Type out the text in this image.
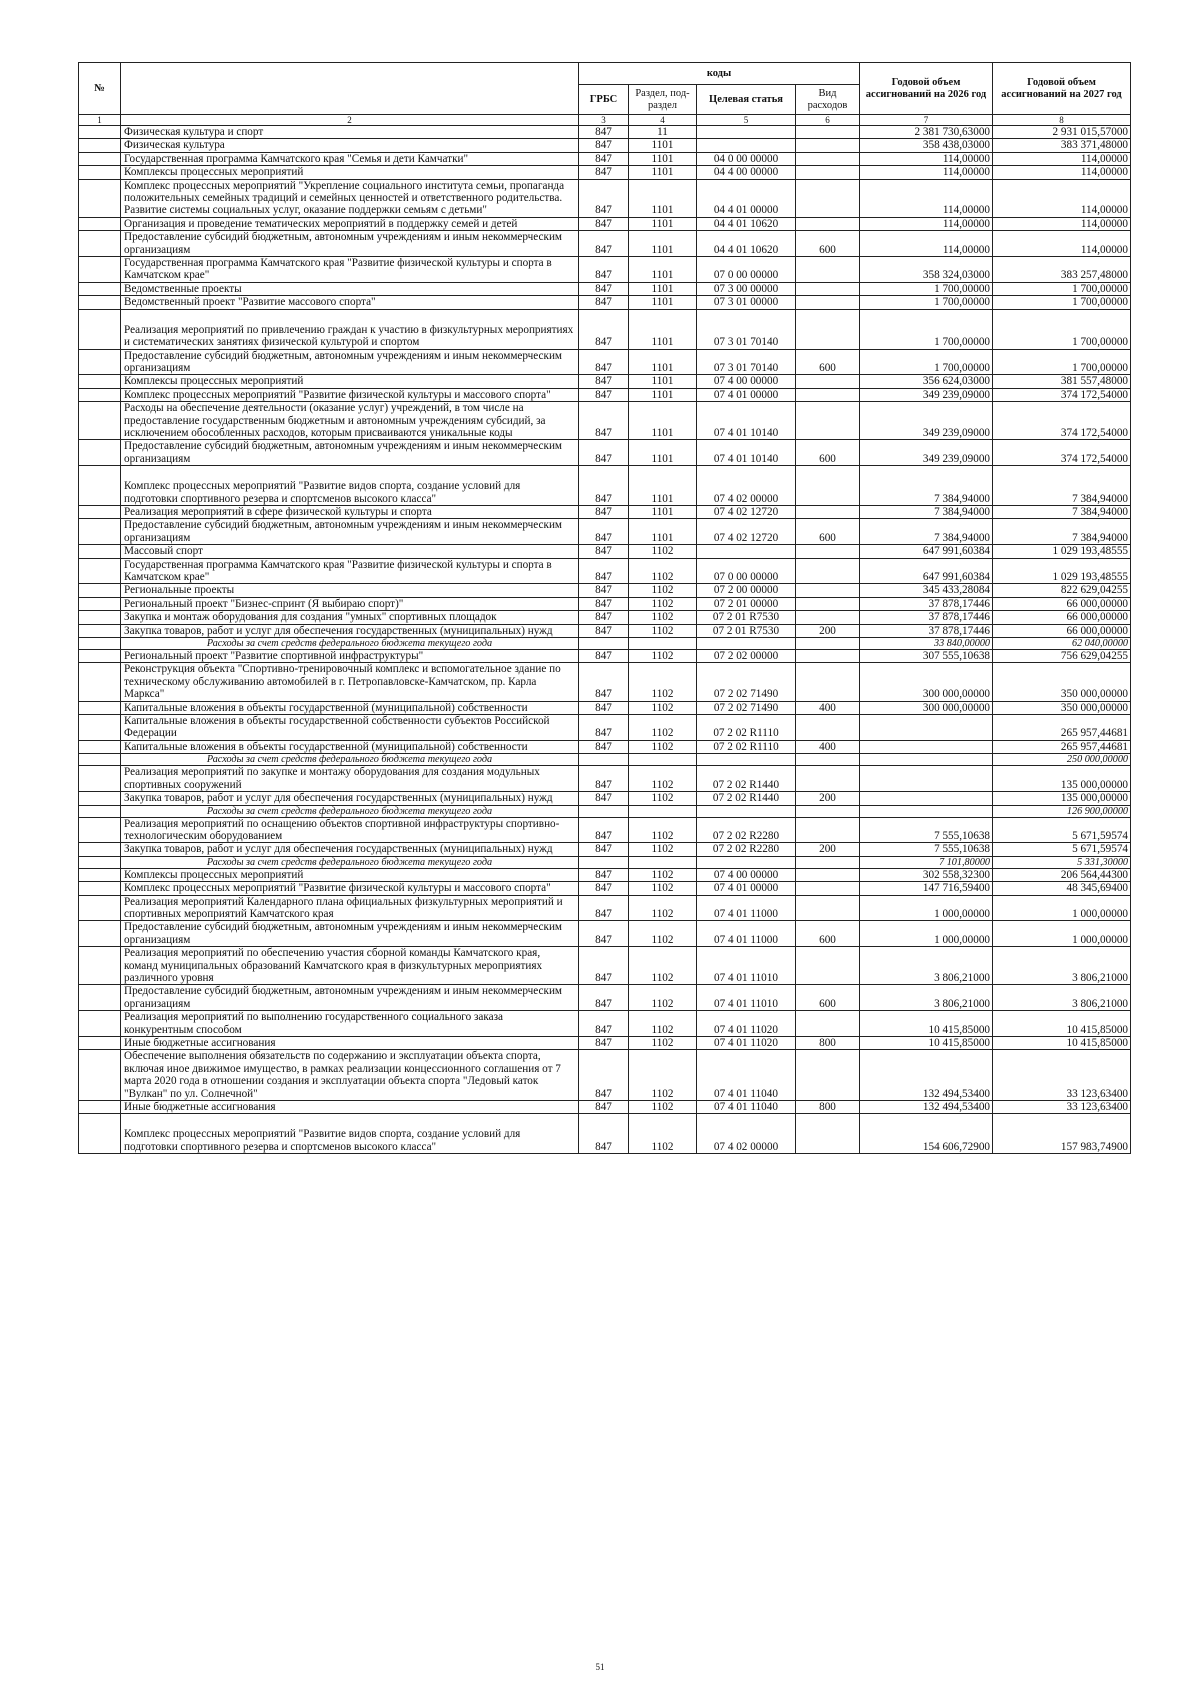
№		коды				Годовой объем ассигнований на 2026 год	Годовой объем ассигнований на 2027 год
		ГРБС	Раздел, под-раздел	Целевая статья	Вид расходов		
1	2	3	4	5	6	7	8
	Физическая культура и спорт	847	11			2 381 730,63000	2 931 015,57000
	Физическая культура	847	1101			358 438,03000	383 371,48000
	Государственная программа Камчатского края "Семья и дети Камчатки"	847	1101	04 0 00 00000		114,00000	114,00000
	Комплексы процессных мероприятий	847	1101	04 4 00 00000		114,00000	114,00000
	Комплекс процессных мероприятий "Укрепление социального института семьи, пропаганда положительных семейных традиций и семейных ценностей и ответственного родительства. Развитие системы социальных услуг, оказание поддержки семьям с детьми"	847	1101	04 4 01 00000		114,00000	114,00000
	Организация и проведение тематических мероприятий в поддержку семей и детей	847	1101	04 4 01 10620		114,00000	114,00000
	Предоставление субсидий бюджетным, автономным учреждениям и иным некоммерческим организациям	847	1101	04 4 01 10620	600	114,00000	114,00000
	Государственная программа Камчатского края "Развитие физической культуры и спорта в Камчатском крае"	847	1101	07 0 00 00000		358 324,03000	383 257,48000
	Ведомственные проекты	847	1101	07 3 00 00000		1 700,00000	1 700,00000
	Ведомственный проект "Развитие массового спорта"	847	1101	07 3 01 00000		1 700,00000	1 700,00000
	Реализация мероприятий по привлечению граждан к участию в физкультурных мероприятиях и систематических занятиях физической культурой и спортом	847	1101	07 3 01 70140		1 700,00000	1 700,00000
	Предоставление субсидий бюджетным, автономным учреждениям и иным некоммерческим организациям	847	1101	07 3 01 70140	600	1 700,00000	1 700,00000
	Комплексы процессных мероприятий	847	1101	07 4 00 00000		356 624,03000	381 557,48000
	Комплекс процессных мероприятий "Развитие физической культуры и массового спорта"	847	1101	07 4 01 00000		349 239,09000	374 172,54000
	Расходы на обеспечение деятельности (оказание услуг) учреждений, в том числе на предоставление государственным бюджетным и автономным учреждениям субсидий, за исключением обособленных расходов, которым присваиваются уникальные коды	847	1101	07 4 01 10140		349 239,09000	374 172,54000
	Предоставление субсидий бюджетным, автономным учреждениям и иным некоммерческим организациям	847	1101	07 4 01 10140	600	349 239,09000	374 172,54000
	Комплекс процессных мероприятий "Развитие видов спорта, создание условий для подготовки спортивного резерва и спортсменов высокого класса"	847	1101	07 4 02 00000		7 384,94000	7 384,94000
	Реализация мероприятий в сфере физической культуры и спорта	847	1101	07 4 02 12720		7 384,94000	7 384,94000
	Предоставление субсидий бюджетным, автономным учреждениям и иным некоммерческим организациям	847	1101	07 4 02 12720	600	7 384,94000	7 384,94000
	Массовый спорт	847	1102			647 991,60384	1 029 193,48555
	Государственная программа Камчатского края "Развитие физической культуры и спорта в Камчатском крае"	847	1102	07 0 00 00000		647 991,60384	1 029 193,48555
	Региональные проекты	847	1102	07 2 00 00000		345 433,28084	822 629,04255
	Региональный проект "Бизнес-спринт (Я выбираю спорт)"	847	1102	07 2 01 00000		37 878,17446	66 000,00000
	Закупка и монтаж оборудования для создания "умных" спортивных площадок	847	1102	07 2 01 R7530		37 878,17446	66 000,00000
	Закупка товаров, работ и услуг для обеспечения государственных (муниципальных) нужд	847	1102	07 2 01 R7530	200	37 878,17446	66 000,00000
	Расходы за счет средств федерального бюджета текущего года					33 840,00000	62 040,00000
	Региональный проект "Развитие спортивной инфраструктуры"	847	1102	07 2 02 00000		307 555,10638	756 629,04255
	Реконструкция объекта "Спортивно-тренировочный комплекс и вспомогательное здание по техническому обслуживанию автомобилей в г. Петропавловске-Камчатском, пр. Карла Маркса"	847	1102	07 2 02 71490		300 000,00000	350 000,00000
	Капитальные вложения в объекты государственной (муниципальной) собственности	847	1102	07 2 02 71490	400	300 000,00000	350 000,00000
	Капитальные вложения в объекты государственной собственности субъектов Российской Федерации	847	1102	07 2 02 R1110			265 957,44681
	Капитальные вложения в объекты государственной (муниципальной) собственности	847	1102	07 2 02 R1110	400		265 957,44681
	Расходы за счет средств федерального бюджета текущего года						250 000,00000
	Реализация мероприятий по закупке и монтажу оборудования для создания модульных спортивных сооружений	847	1102	07 2 02 R1440			135 000,00000
	Закупка товаров, работ и услуг для обеспечения государственных (муниципальных) нужд	847	1102	07 2 02 R1440	200		135 000,00000
	Расходы за счет средств федерального бюджета текущего года						126 900,00000
	Реализация мероприятий по оснащению объектов спортивной инфраструктуры спортивно-технологическим оборудованием	847	1102	07 2 02 R2280		7 555,10638	5 671,59574
	Закупка товаров, работ и услуг для обеспечения государственных (муниципальных) нужд	847	1102	07 2 02 R2280	200	7 555,10638	5 671,59574
	Расходы за счет средств федерального бюджета текущего года					7 101,80000	5 331,30000
	Комплексы процессных мероприятий	847	1102	07 4 00 00000		302 558,32300	206 564,44300
	Комплекс процессных мероприятий "Развитие физической культуры и массового спорта"	847	1102	07 4 01 00000		147 716,59400	48 345,69400
	Реализация мероприятий Календарного плана официальных физкультурных мероприятий и спортивных мероприятий Камчатского края	847	1102	07 4 01 11000		1 000,00000	1 000,00000
	Предоставление субсидий бюджетным, автономным учреждениям и иным некоммерческим организациям	847	1102	07 4 01 11000	600	1 000,00000	1 000,00000
	Реализация мероприятий по обеспечению участия сборной команды Камчатского края, команд муниципальных образований Камчатского края в физкультурных мероприятиях различного уровня	847	1102	07 4 01 11010		3 806,21000	3 806,21000
	Предоставление субсидий бюджетным, автономным учреждениям и иным некоммерческим организациям	847	1102	07 4 01 11010	600	3 806,21000	3 806,21000
	Реализация мероприятий по выполнению государственного социального заказа конкурентным способом	847	1102	07 4 01 11020		10 415,85000	10 415,85000
	Иные бюджетные ассигнования	847	1102	07 4 01 11020	800	10 415,85000	10 415,85000
	Обеспечение выполнения обязательств по содержанию и эксплуатации объекта спорта, включая иное движимое имущество, в рамках реализации концессионного соглашения от 7 марта 2020 года в отношении создания и эксплуатации объекта спорта "Ледовый каток "Вулкан" по ул. Солнечной"	847	1102	07 4 01 11040		132 494,53400	33 123,63400
	Иные бюджетные ассигнования	847	1102	07 4 01 11040	800	132 494,53400	33 123,63400
	Комплекс процессных мероприятий "Развитие видов спорта, создание условий для подготовки спортивного резерва и спортсменов высокого класса"	847	1102	07 4 02 00000		154 606,72900	157 983,74900
51
